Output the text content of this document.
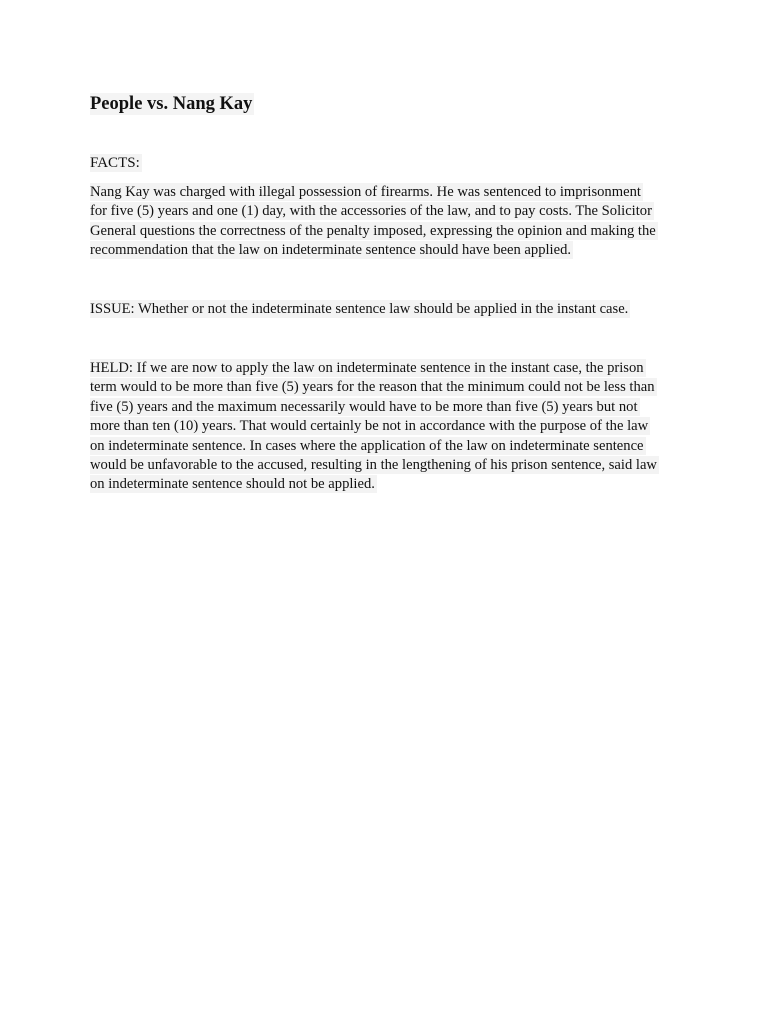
People vs. Nang Kay
FACTS:
Nang Kay was charged with illegal possession of firearms. He was sentenced to imprisonment
for five (5) years and one (1) day, with the accessories of the law, and to pay costs. The Solicitor
General questions the correctness of the penalty imposed, expressing the opinion and making the
recommendation that the law on indeterminate sentence should have been applied.
ISSUE: Whether or not the indeterminate sentence law should be applied in the instant case.
HELD: If we are now to apply the law on indeterminate sentence in the instant case, the prison
term would to be more than five (5) years for the reason that the minimum could not be less than
five (5) years and the maximum necessarily would have to be more than five (5) years but not
more than ten (10) years. That would certainly be not in accordance with the purpose of the law
on indeterminate sentence. In cases where the application of the law on indeterminate sentence
would be unfavorable to the accused, resulting in the lengthening of his prison sentence, said law
on indeterminate sentence should not be applied.
